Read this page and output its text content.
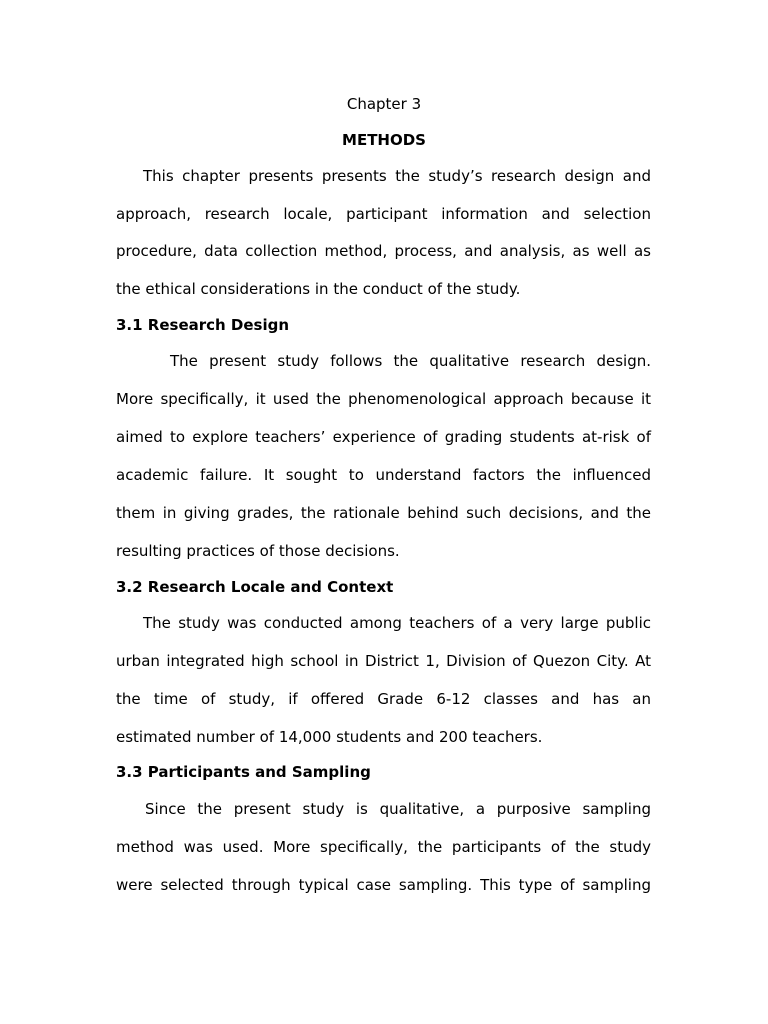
Chapter 3
METHODS
This chapter presents presents the study’s research design and
approach, research locale, participant information and selection
procedure, data collection method, process, and analysis, as well as
the ethical considerations in the conduct of the study.
3.1 Research Design
The present study follows the qualitative research design.
More specifically, it used the phenomenological approach because it
aimed to explore teachers’ experience of grading students at-risk of
academic failure. It sought to understand factors the influenced
them in giving grades, the rationale behind such decisions, and the
resulting practices of those decisions.
3.2 Research Locale and Context
The study was conducted among teachers of a very large public
urban integrated high school in District 1, Division of Quezon City. At
the time of study, if offered Grade 6-12 classes and has an
estimated number of 14,000 students and 200 teachers.
3.3 Participants and Sampling
Since the present study is qualitative, a purposive sampling
method was used. More specifically, the participants of the study
were selected through typical case sampling. This type of sampling
